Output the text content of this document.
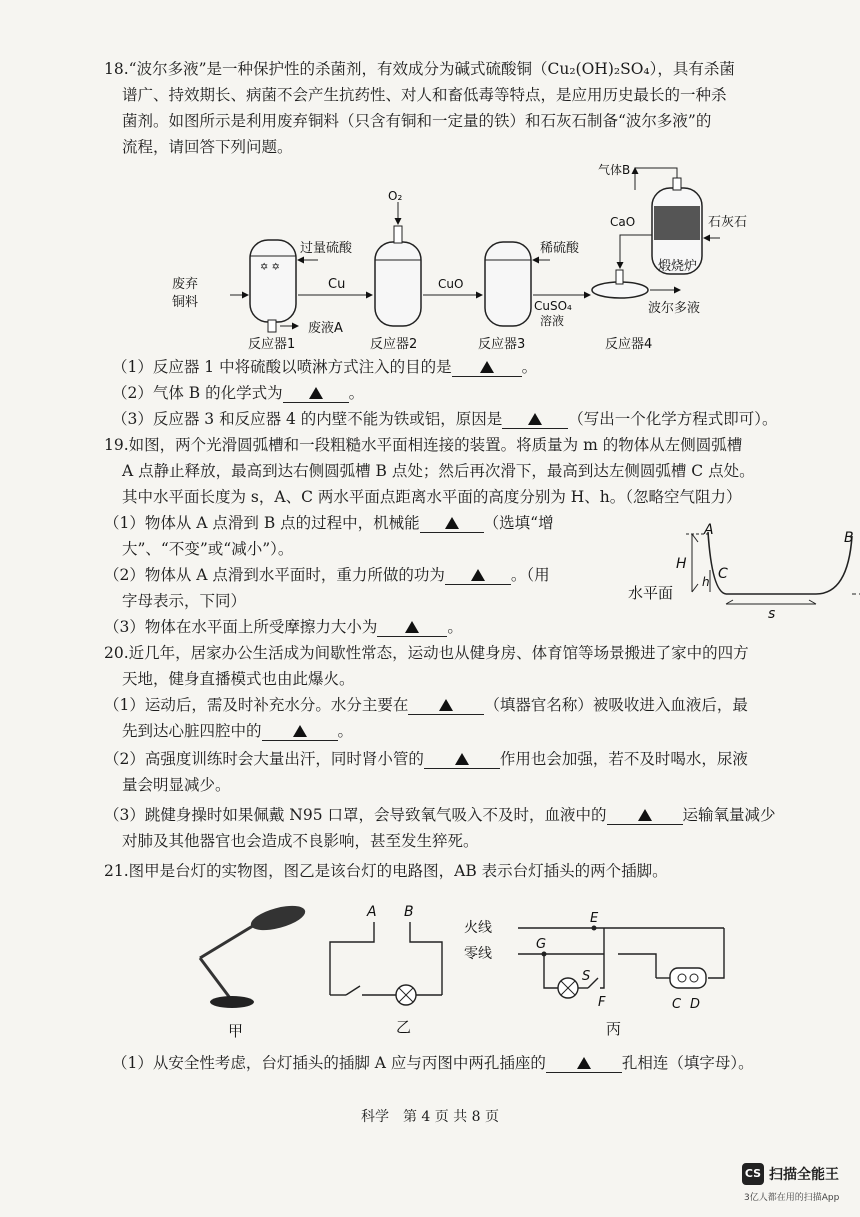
18.“波尔多液”是一种保护性的杀菌剂，有效成分为碱式硫酸铜（Cu₂(OH)₂SO₄），具有杀菌
谱广、持效期长、病菌不会产生抗药性、对人和畜低毒等特点，是应用历史最长的一种杀
菌剂。如图所示是利用废弃铜料（只含有铜和一定量的铁）和石灰石制备“波尔多液”的
流程，请回答下列问题。
✡ ✡
废弃
铜料
过量硫酸
Cu
废液A
O₂
CuO
稀硫酸
CuSO₄
溶液
气体B
CaO	石灰石
煅烧炉
波尔多液
反应器1	反应器2	反应器3	反应器4
（1）反应器 1 中将硫酸以喷淋方式注入的目的是	。
（2）气体 B 的化学式为	。
（3）反应器 3 和反应器 4 的内壁不能为铁或铝，原因是	（写出一个化学方程式即可）。
19.如图，两个光滑圆弧槽和一段粗糙水平面相连接的装置。将质量为 m 的物体从左侧圆弧槽
A 点静止释放，最高到达右侧圆弧槽 B 点处；然后再次滑下，最高到达左侧圆弧槽 C 点处。
其中水平面长度为 s，A、C 两水平面点距离水平面的高度分别为 H、h。（忽略空气阻力）
（1）物体从 A 点滑到 B 点的过程中，机械能	（选填“增
大”、“不变”或“减小”）。
（2）物体从 A 点滑到水平面时，重力所做的功为	。（用
字母表示，下同）
（3）物体在水平面上所受摩擦力大小为	。
A	B
C
H
h
s
水平面
20.近几年，居家办公生活成为间歇性常态，运动也从健身房、体育馆等场景搬进了家中的四方
天地，健身直播模式也由此爆火。
（1）运动后，需及时补充水分。水分主要在	（填器官名称）被吸收进入血液后，最
先到达心脏四腔中的	。
（2）高强度训练时会大量出汗，同时肾小管的	作用也会加强，若不及时喝水，尿液
量会明显减少。
（3）跳健身操时如果佩戴 N95 口罩，会导致氧气吸入不及时，血液中的	运输氧量减少
对肺及其他器官也会造成不良影响，甚至发生猝死。
21.图甲是台灯的实物图，图乙是该台灯的电路图，AB 表示台灯插头的两个插脚。
甲
A B
乙
火线
零线
E
G
S
F	C D
丙
（1）从安全性考虑，台灯插头的插脚 A 应与丙图中两孔插座的	孔相连（填字母）。
科学　第 4 页 共 8 页
CS 扫描全能王
3亿人都在用的扫描App
